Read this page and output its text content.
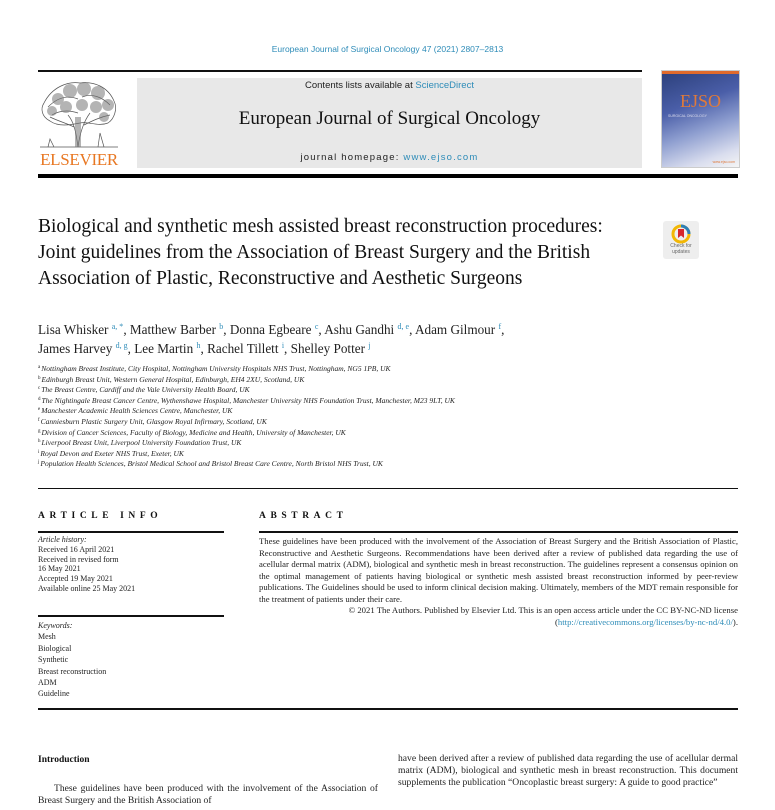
European Journal of Surgical Oncology 47 (2021) 2807–2813
ELSEVIER
Contents lists available at ScienceDirect
European Journal of Surgical Oncology
journal homepage: www.ejso.com
EJSO
SURGICAL ONCOLOGY
www.ejso.com
Biological and synthetic mesh assisted breast reconstruction procedures: Joint guidelines from the Association of Breast Surgery and the British Association of Plastic, Reconstructive and Aesthetic Surgeons
Check for
updates
Lisa Whisker $^{a, *}$, Matthew Barber $^b$, Donna Egbeare $^c$, Ashu Gandhi $^{d, e}$, Adam Gilmour $^f$,
James Harvey $^{d, g}$, Lee Martin $^h$, Rachel Tillett $^i$, Shelley Potter $^j$
$^a$Nottingham Breast Institute, City Hospital, Nottingham University Hospitals NHS Trust, Nottingham, NG5 1PB, UK
$^b$Edinburgh Breast Unit, Western General Hospital, Edinburgh, EH4 2XU, Scotland, UK
$^c$The Breast Centre, Cardiff and the Vale University Health Board, UK
$^d$The Nightingale Breast Cancer Centre, Wythenshawe Hospital, Manchester University NHS Foundation Trust, Manchester, M23 9LT, UK
$^e$Manchester Academic Health Sciences Centre, Manchester, UK
$^f$Canniesburn Plastic Surgery Unit, Glasgow Royal Infirmary, Scotland, UK
$^g$Division of Cancer Sciences, Faculty of Biology, Medicine and Health, University of Manchester, UK
$^h$Liverpool Breast Unit, Liverpool University Foundation Trust, UK
$^i$Royal Devon and Exeter NHS Trust, Exeter, UK
$^j$Population Health Sciences, Bristol Medical School and Bristol Breast Care Centre, North Bristol NHS Trust, UK
ARTICLE INFO	ABSTRACT
Article history:
Received 16 April 2021
Received in revised form
16 May 2021
Accepted 19 May 2021
Available online 25 May 2021
Keywords:
Mesh
Biological
Synthetic
Breast reconstruction
ADM
Guideline

These guidelines have been produced with the involvement of the Association of Breast Surgery and the British Association of Plastic, Reconstructive and Aesthetic Surgeons. Recommendations have been derived after a review of published data regarding the use of acellular dermal matrix (ADM), biological and synthetic mesh in breast reconstruction. The guidelines represent a consensus opinion on the optimal management of patients having biological or synthetic mesh assisted breast reconstruction informed by peer-review publications. The Guidelines should be used to inform clinical decision making. Ultimately, members of the MDT remain responsible for the treatment of patients under their care.

© 2021 The Authors. Published by Elsevier Ltd. This is an open access article under the CC BY-NC-ND license (http://creativecommons.org/licenses/by-nc-nd/4.0/).

Introduction
These guidelines have been produced with the involvement of the Association of Breast Surgery and the British Association of
have been derived after a review of published data regarding the use of acellular dermal matrix (ADM), biological and synthetic mesh in breast reconstruction. This document supplements the publication “Oncoplastic breast surgery: A guide to good practice”
